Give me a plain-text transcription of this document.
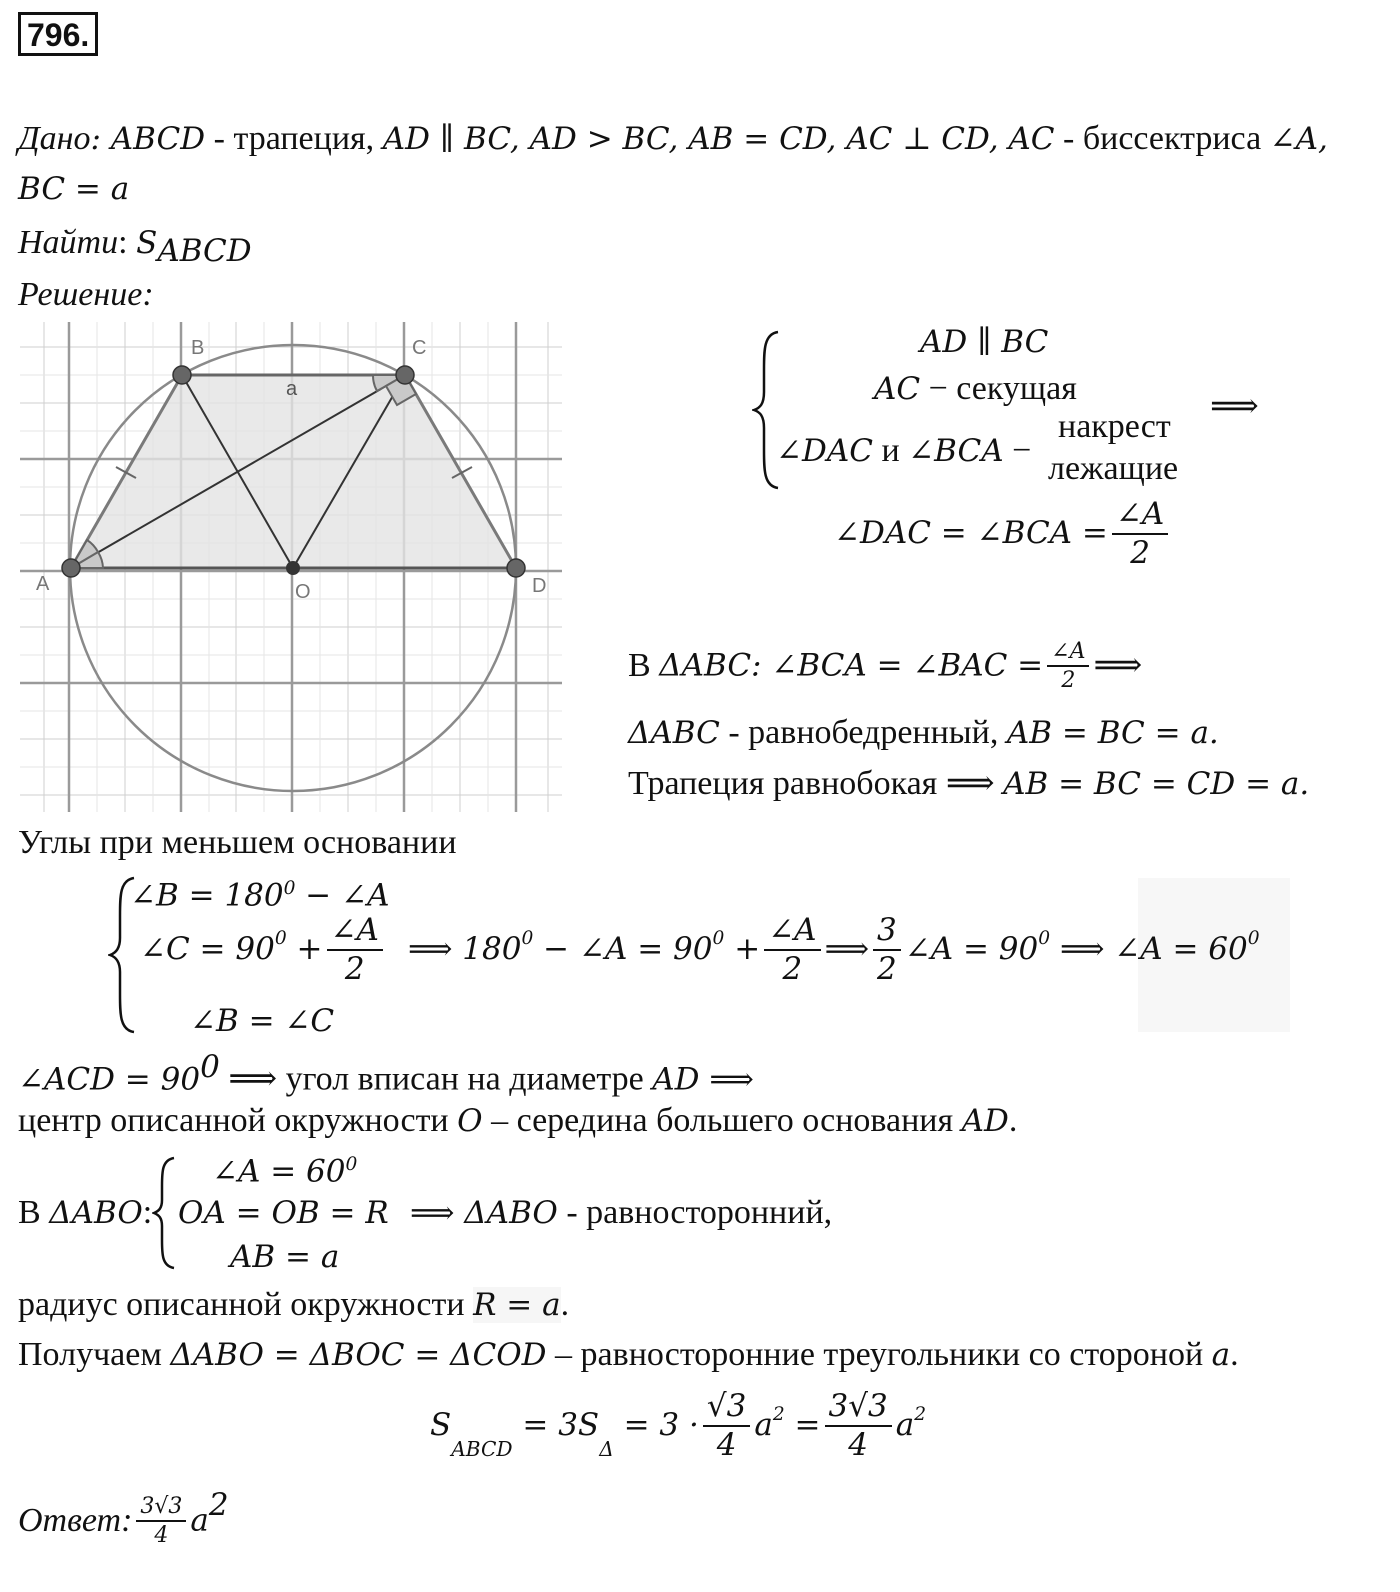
796.
Дано: ABCD - трапеция, AD ∥ BC, AD > BC, AB = CD, AC ⊥ CD, AC - биссектриса ∠A,
BC = a
Найти: $S_{ABCD}$
Решение:
A
B	C
D
O
a
AD ∥ BC
AC − секущая
∠DAC и ∠BCA −
накрест
лежащие
⟹
∠DAC = ∠BCA = $\frac{\angle A}{2}$
В ΔABC: ∠BCA = ∠BAC = $\frac{\angle A}{2}$ ⟹
ΔABC - равнобедренный, AB = BC = a.
Трапеция равнобокая ⟹ AB = BC = CD = a.
Углы при меньшем основании
∠B = $180^0$ − ∠A
∠C = $90^0 + \frac{\angle A}{2}$
∠B = ∠C
⟹ $180^0$ − ∠A = $90^0 + \frac{\angle A}{2}$ ⟹ $\frac{3}{2}$ ∠A = $90^0$ ⟹ ∠A = $60^0$
∠ACD = $90^0$ ⟹ угол вписан на диаметре AD ⟹
центр описанной окружности O – середина большего основания AD.
В ΔABO:
∠A = $60^0$
OA = OB = R
AB = a
⟹ ΔABO - равносторонний,
радиус описанной окружности R = a.
Получаем ΔABO = ΔBOC = ΔCOD – равносторонние треугольники со стороной a.
$S_{ABCD} = 3S_\Delta = 3 \cdot \frac{√3}{4} a^2 = \frac{3√3}{4} a^2$
Ответ: $\frac{3√3}{4} a^2$
